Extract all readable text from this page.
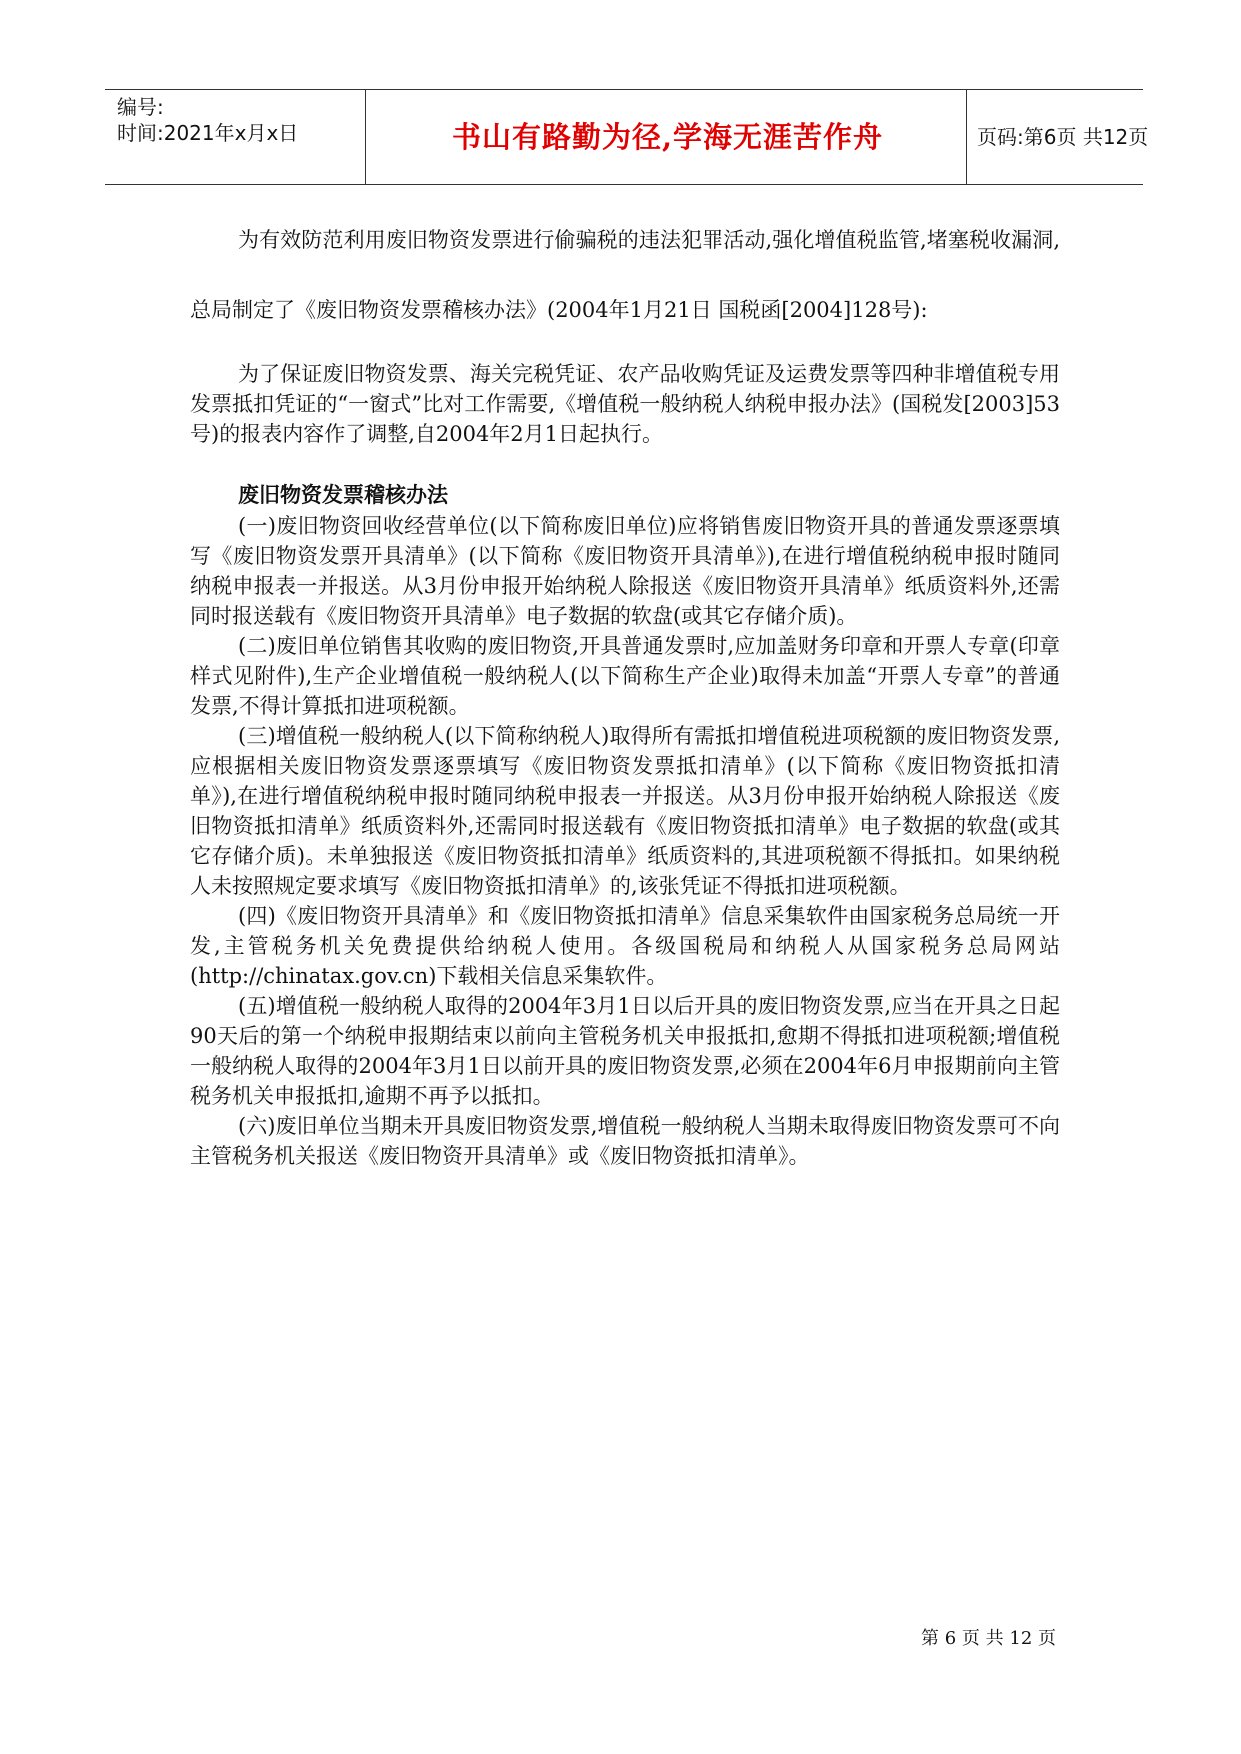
编号:
时间:2021年x月x日	书山有路勤为径,学海无涯苦作舟	页码:第6页 共12页

为有效防范利用废旧物资发票进行偷骗税的违法犯罪活动,强化增值税监管,堵塞税收漏洞,总局制定了《废旧物资发票稽核办法》(2004年1月21日 国税函[2004]128号):

为了保证废旧物资发票、海关完税凭证、农产品收购凭证及运费发票等四种非增值税专用发票抵扣凭证的“一窗式”比对工作需要,《增值税一般纳税人纳税申报办法》(国税发[2003]53号)的报表内容作了调整,自2004年2月1日起执行。

废旧物资发票稽核办法

(一)废旧物资回收经营单位(以下简称废旧单位)应将销售废旧物资开具的普通发票逐票填写《废旧物资发票开具清单》(以下简称《废旧物资开具清单》),在进行增值税纳税申报时随同纳税申报表一并报送。从3月份申报开始纳税人除报送《废旧物资开具清单》纸质资料外,还需同时报送载有《废旧物资开具清单》电子数据的软盘(或其它存储介质)。

(二)废旧单位销售其收购的废旧物资,开具普通发票时,应加盖财务印章和开票人专章(印章样式见附件),生产企业增值税一般纳税人(以下简称生产企业)取得未加盖“开票人专章”的普通发票,不得计算抵扣进项税额。

(三)增值税一般纳税人(以下简称纳税人)取得所有需抵扣增值税进项税额的废旧物资发票,应根据相关废旧物资发票逐票填写《废旧物资发票抵扣清单》(以下简称《废旧物资抵扣清单》),在进行增值税纳税申报时随同纳税申报表一并报送。从3月份申报开始纳税人除报送《废旧物资抵扣清单》纸质资料外,还需同时报送载有《废旧物资抵扣清单》电子数据的软盘(或其它存储介质)。未单独报送《废旧物资抵扣清单》纸质资料的,其进项税额不得抵扣。如果纳税人未按照规定要求填写《废旧物资抵扣清单》的,该张凭证不得抵扣进项税额。

(四)《废旧物资开具清单》和《废旧物资抵扣清单》信息采集软件由国家税务总局统一开发,主管税务机关免费提供给纳税人使用。各级国税局和纳税人从国家税务总局网站(http://chinatax.gov.cn)下载相关信息采集软件。

(五)增值税一般纳税人取得的2004年3月1日以后开具的废旧物资发票,应当在开具之日起90天后的第一个纳税申报期结束以前向主管税务机关申报抵扣,愈期不得抵扣进项税额;增值税一般纳税人取得的2004年3月1日以前开具的废旧物资发票,必须在2004年6月申报期前向主管税务机关申报抵扣,逾期不再予以抵扣。

(六)废旧单位当期未开具废旧物资发票,增值税一般纳税人当期未取得废旧物资发票可不向主管税务机关报送《废旧物资开具清单》或《废旧物资抵扣清单》。

第 6 页 共 12 页
